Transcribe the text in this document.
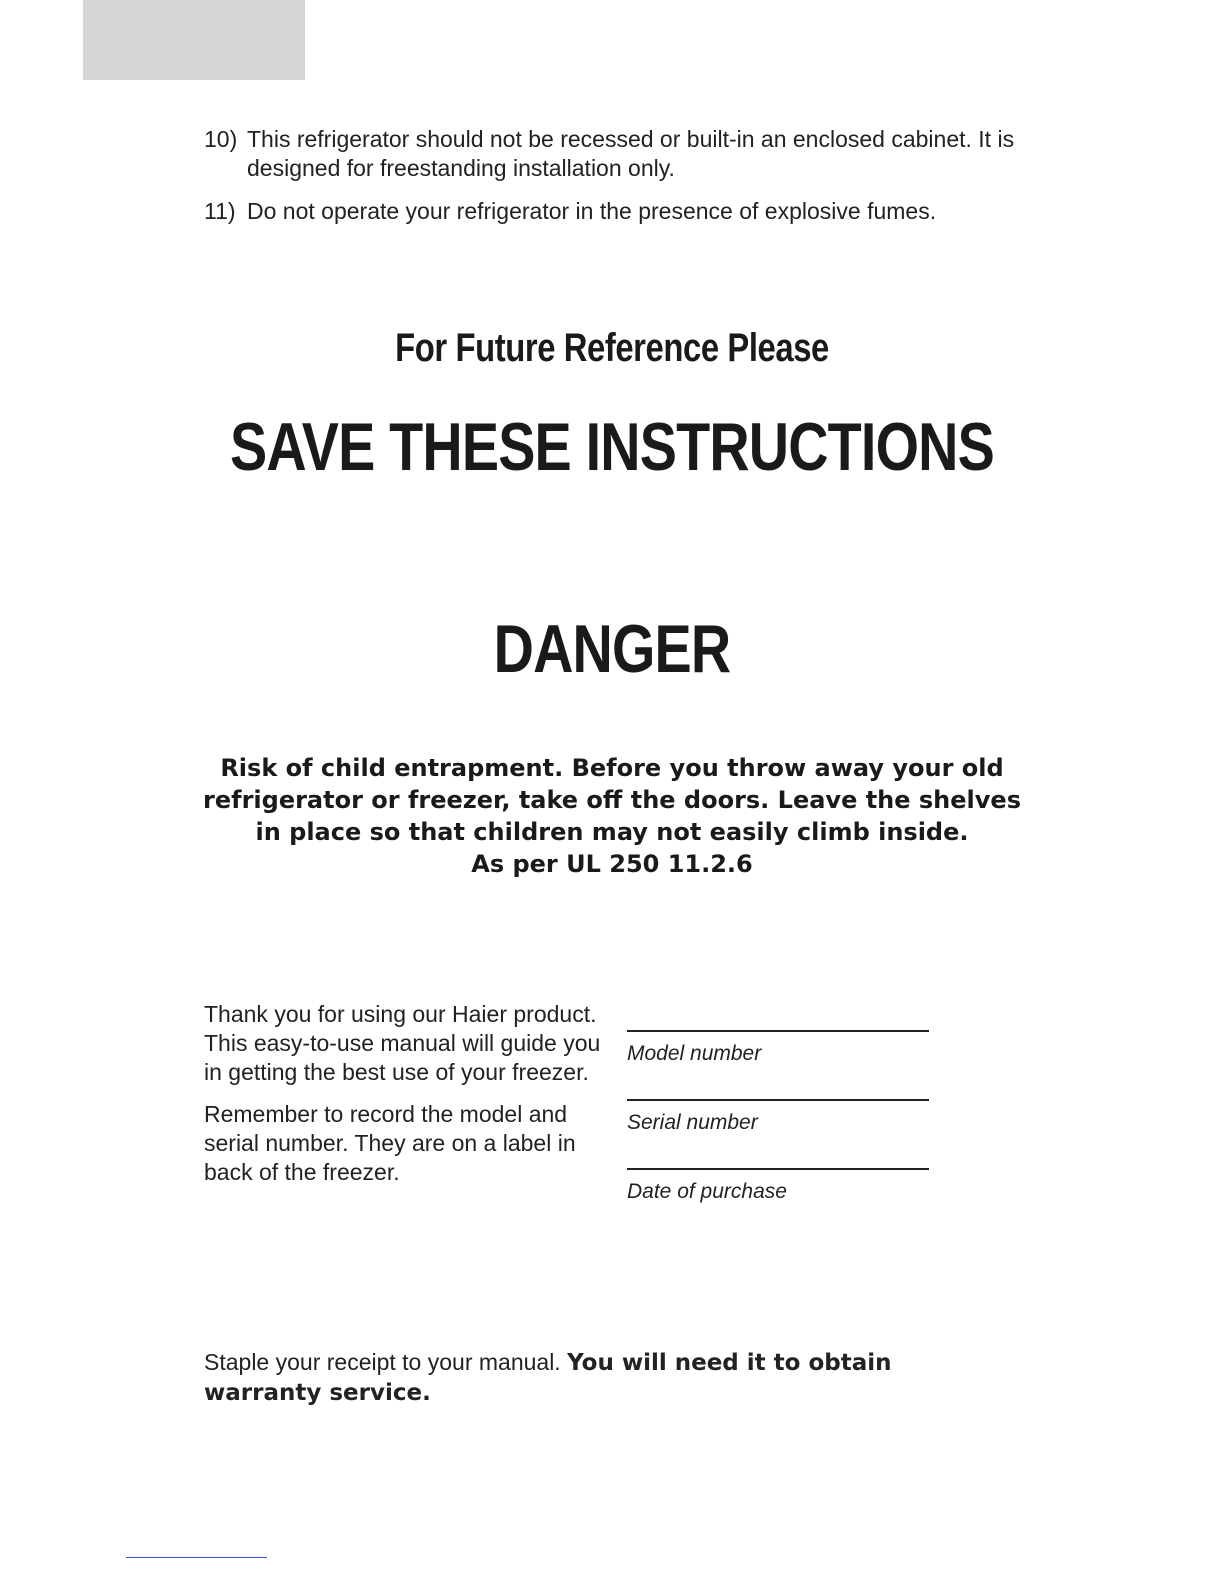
10) This refrigerator should not be recessed or built-in an enclosed cabinet. It is designed for freestanding installation only.
11) Do not operate your refrigerator in the presence of explosive fumes.
For Future Reference Please
SAVE THESE INSTRUCTIONS
DANGER

Risk of child entrapment. Before you throw away your old refrigerator or freezer, take off the doors. Leave the shelves in place so that children may not easily climb inside.

As per UL 250 11.2.6

Thank you for using our Haier product. This easy-to-use manual will guide you in getting the best use of your freezer.

Remember to record the model and serial number. They are on a label in back of the freezer.

Model number
Serial number
Date of purchase
Staple your receipt to your manual. You will need it to obtain warranty service.
